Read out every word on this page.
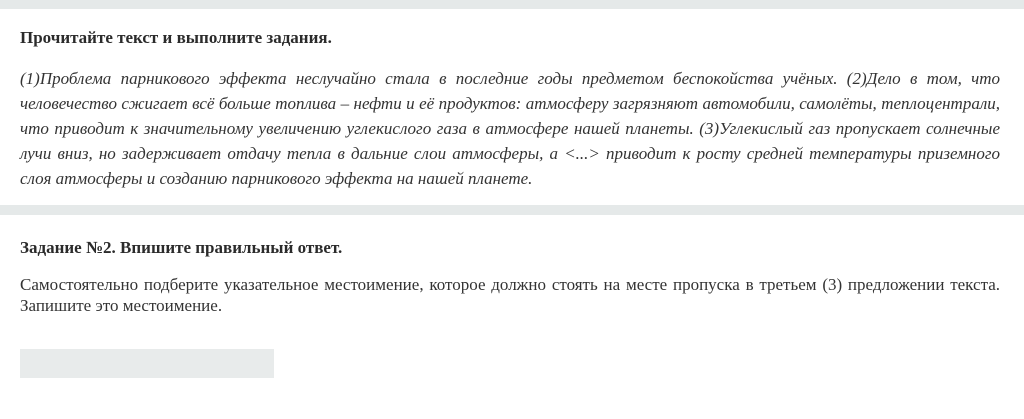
Прочитайте текст и выполните задания.

(1)Проблема парникового эффекта неслучайно стала в последние годы предметом беспокойства учёных. (2)Дело в том, что человечество сжигает всё больше топлива – нефти и её продуктов: атмосферу загрязняют автомобили, самолёты, теплоцентрали, что приводит к значительному увеличению углекислого газа в атмосфере нашей планеты. (3)Углекислый газ пропускает солнечные лучи вниз, но задерживает отдачу тепла в дальние слои атмосферы, а <...> приводит к росту средней температуры приземного слоя атмосферы и созданию парникового эффекта на нашей планете.

Задание №2. Впишите правильный ответ.

Самостоятельно подберите указательное местоимение, которое должно стоять на месте пропуска в третьем (3) предложении текста. Запишите это местоимение.
